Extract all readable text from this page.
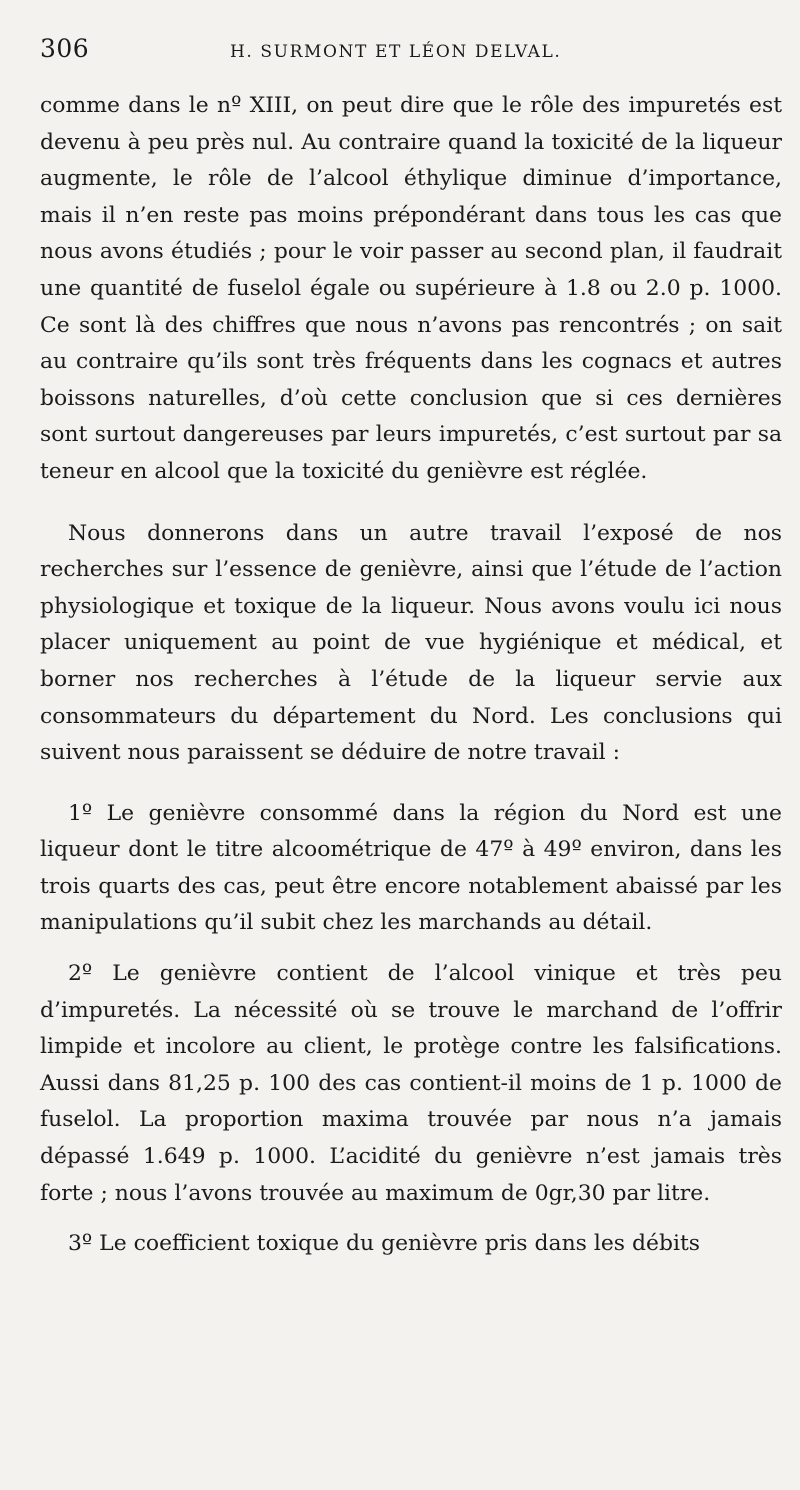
306	H. SURMONT ET LÉON DELVAL.

comme dans le nº XIII, on peut dire que le rôle des impuretés est devenu à peu près nul. Au contraire quand la toxicité de la liqueur augmente, le rôle de l’alcool éthylique diminue d’importance, mais il n’en reste pas moins prépondérant dans tous les cas que nous avons étudiés ; pour le voir passer au second plan, il faudrait une quantité de fuselol égale ou supérieure à 1.8 ou 2.0 p. 1000. Ce sont là des chiffres que nous n’avons pas rencontrés ; on sait au contraire qu’ils sont très fréquents dans les cognacs et autres boissons naturelles, d’où cette conclusion que si ces dernières sont surtout dangereuses par leurs impuretés, c’est surtout par sa teneur en alcool que la toxicité du genièvre est réglée.

Nous donnerons dans un autre travail l’exposé de nos recherches sur l’essence de genièvre, ainsi que l’étude de l’action physiologique et toxique de la liqueur. Nous avons voulu ici nous placer uniquement au point de vue hygiénique et médical, et borner nos recherches à l’étude de la liqueur servie aux consommateurs du département du Nord. Les conclusions qui suivent nous paraissent se déduire de notre travail :

1º Le genièvre consommé dans la région du Nord est une liqueur dont le titre alcoométrique de 47º à 49º environ, dans les trois quarts des cas, peut être encore notablement abaissé par les manipulations qu’il subit chez les marchands au détail.

2º Le genièvre contient de l’alcool vinique et très peu d’impuretés. La nécessité où se trouve le marchand de l’offrir limpide et incolore au client, le protège contre les falsifications. Aussi dans 81,25 p. 100 des cas contient-il moins de 1 p. 1000 de fuselol. La proportion maxima trouvée par nous n’a jamais dépassé 1.649 p. 1000. L’acidité du genièvre n’est jamais très forte ; nous l’avons trouvée au maximum de 0gr,30 par litre.

3º Le coefficient toxique du genièvre pris dans les débits
